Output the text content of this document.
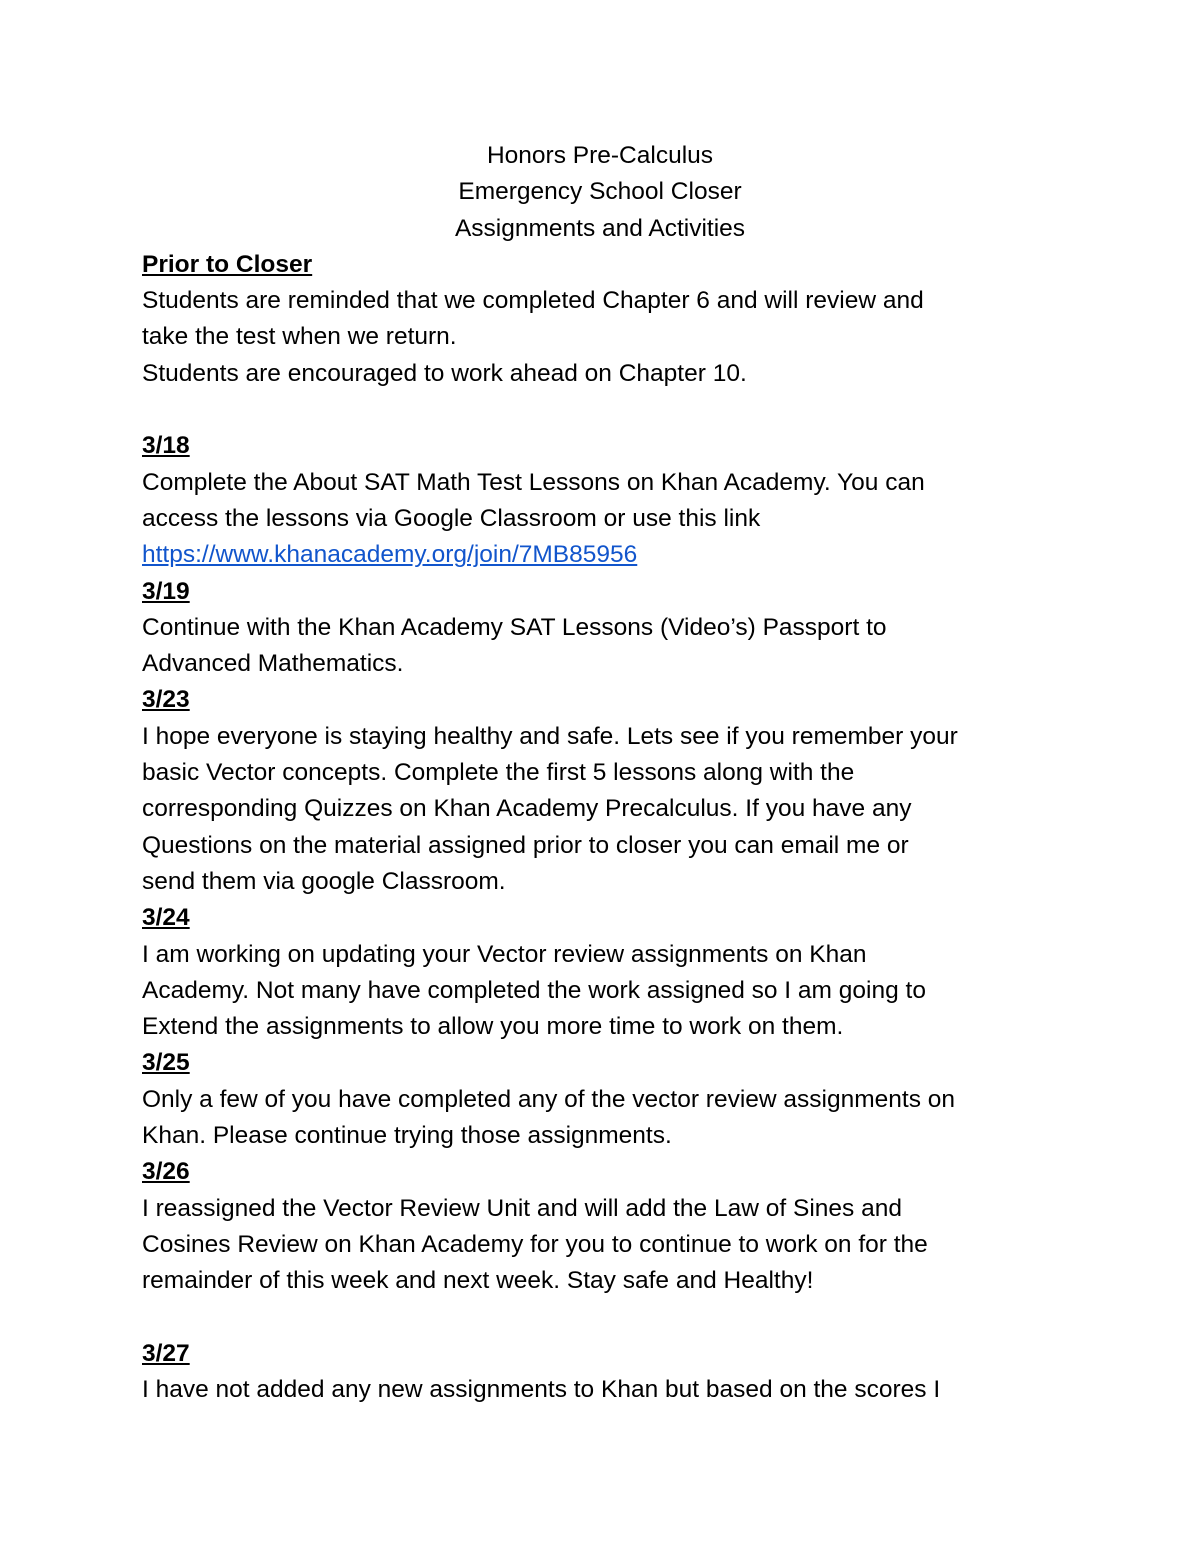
Honors Pre-Calculus
Emergency School Closer
Assignments and Activities
Prior to Closer
Students are reminded that we completed Chapter 6 and will review and
take the test when we return.
Students are encouraged to work ahead on Chapter 10.
3/18
Complete the About SAT Math Test Lessons on Khan Academy. You can
access the lessons via Google Classroom or use this link
https://www.khanacademy.org/join/7MB85956
3/19
Continue with the Khan Academy SAT Lessons (Video’s) Passport to
Advanced Mathematics.
3/23
I hope everyone is staying healthy and safe. Lets see if you remember your
basic Vector concepts. Complete the first 5 lessons along with the
corresponding Quizzes on Khan Academy Precalculus. If you have any
Questions on the material assigned prior to closer you can email me or
send them via google Classroom.
3/24
I am working on updating your Vector review assignments on Khan
Academy. Not many have completed the work assigned so I am going to
Extend the assignments to allow you more time to work on them.
3/25
Only a few of you have completed any of the vector review assignments on
Khan. Please continue trying those assignments.
3/26
I reassigned the Vector Review Unit and will add the Law of Sines and
Cosines Review on Khan Academy for you to continue to work on for the
remainder of this week and next week. Stay safe and Healthy!
3/27
I have not added any new assignments to Khan but based on the scores I
